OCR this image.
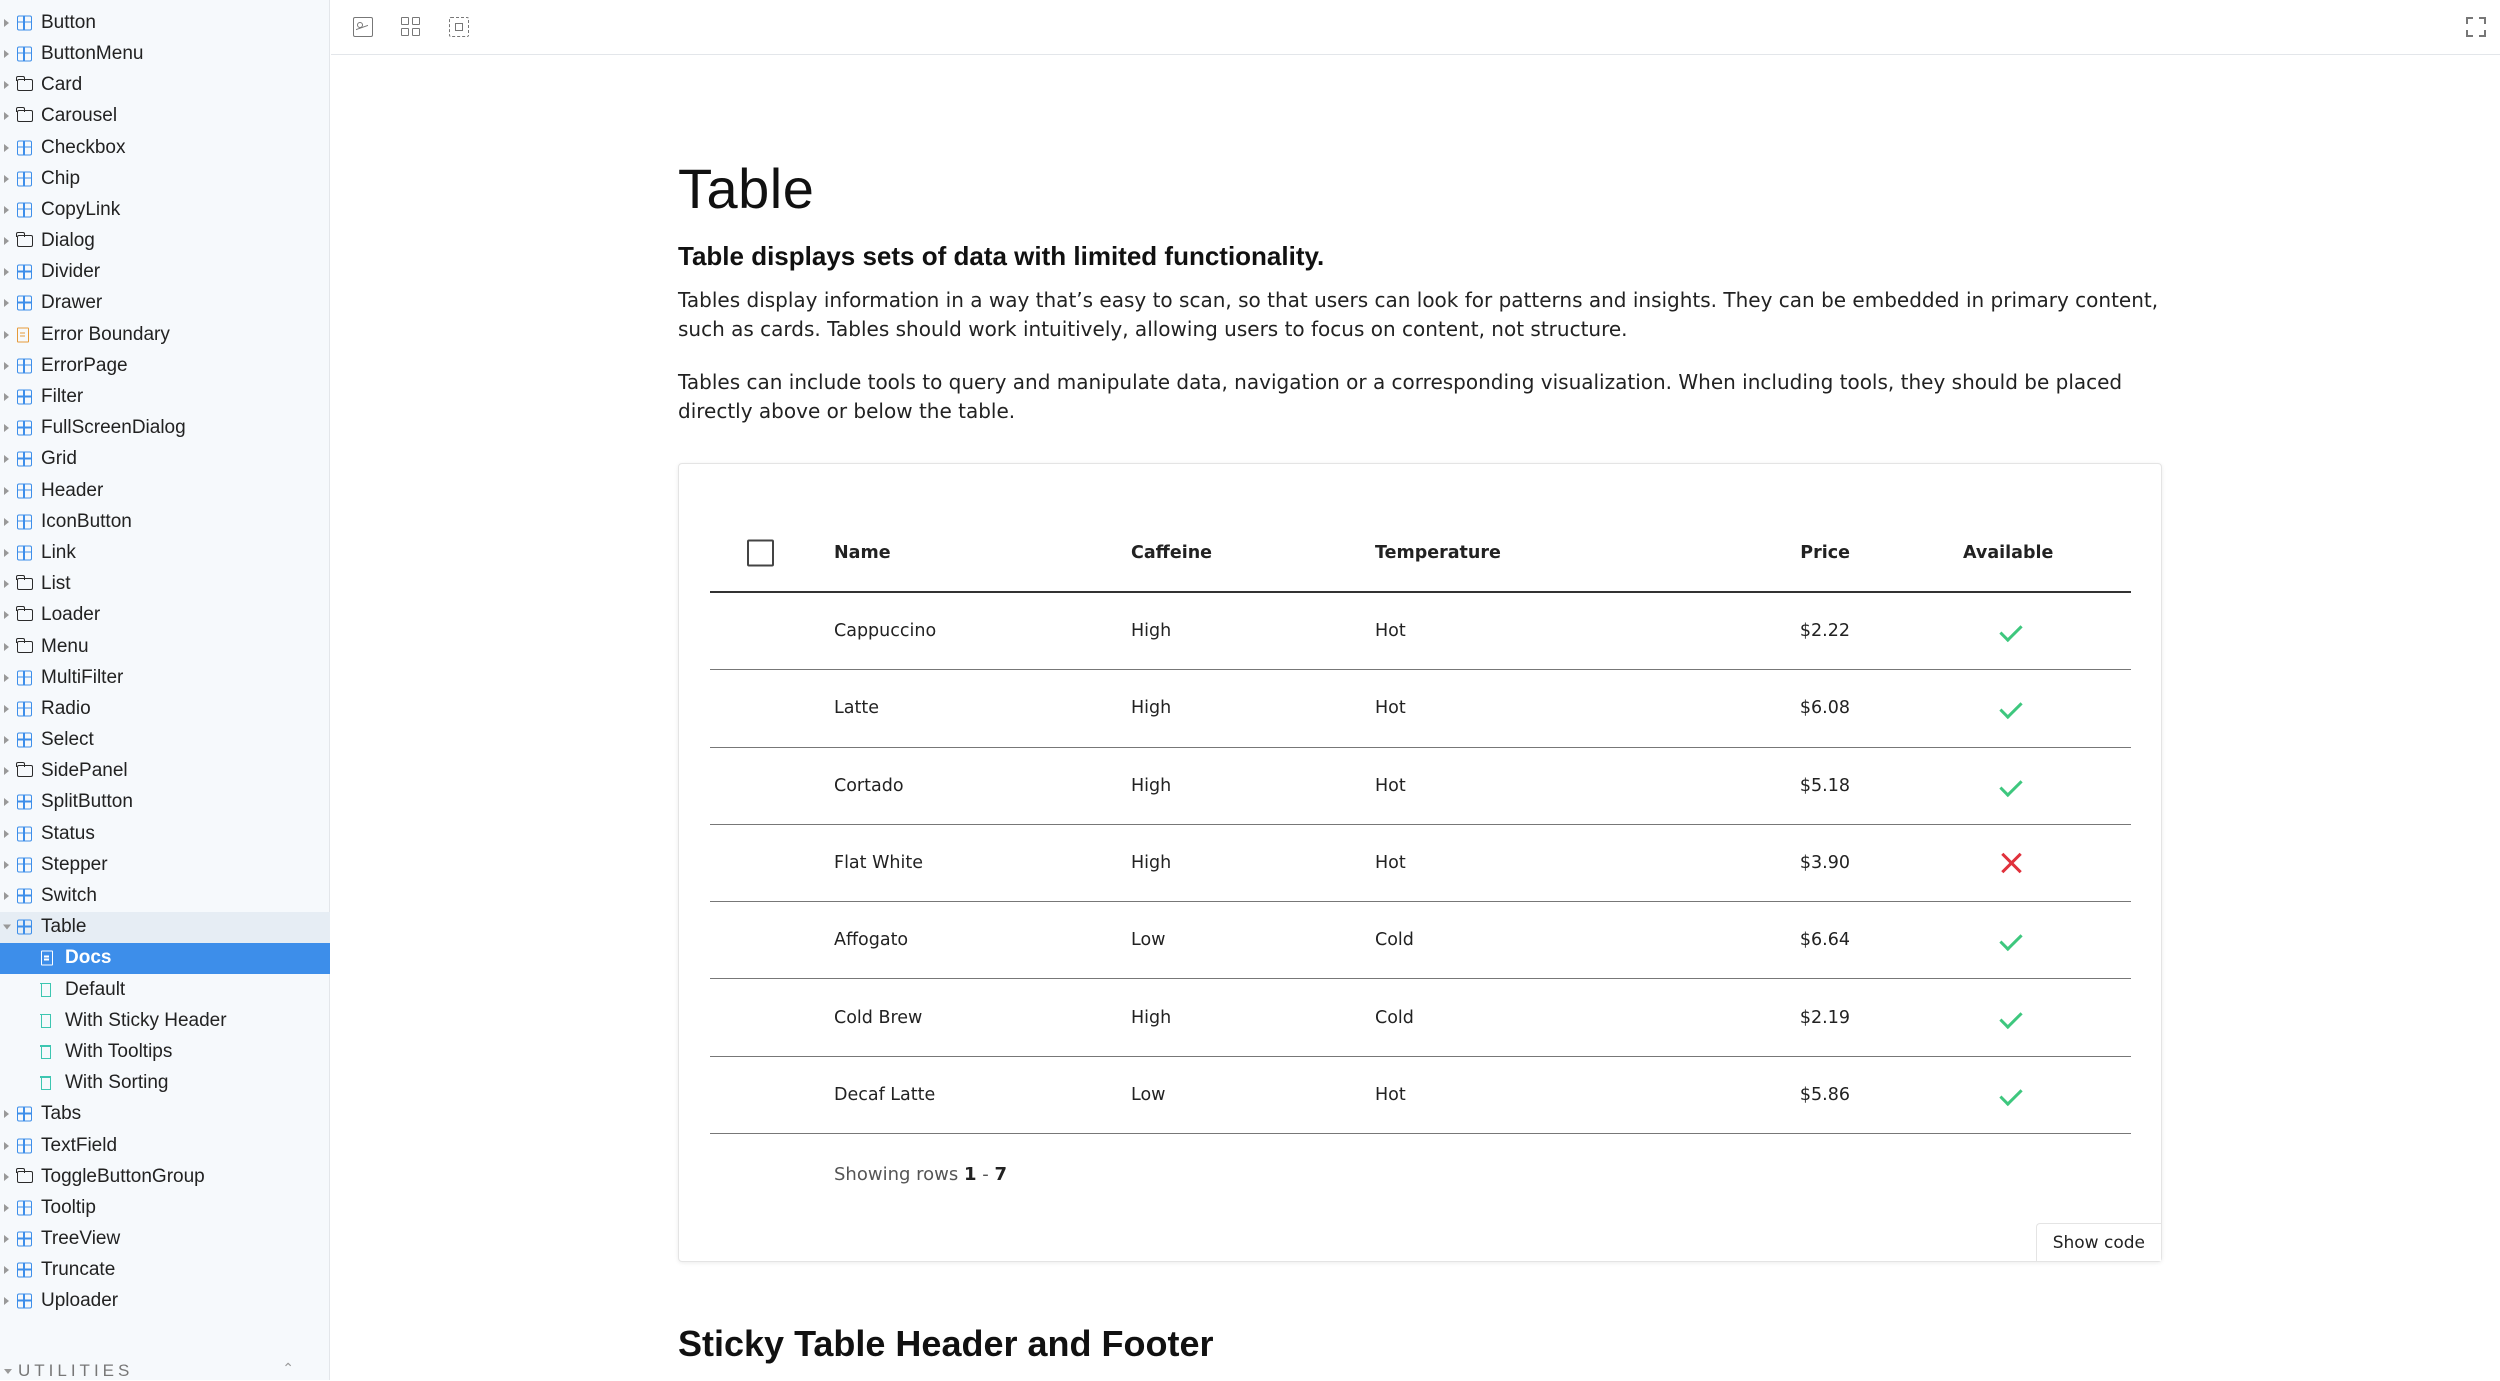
Button
ButtonMenu
Card
Carousel
Checkbox
Chip
CopyLink
Dialog
Divider
Drawer
Error Boundary
ErrorPage
Filter
FullScreenDialog
Grid
Header
IconButton
Link
List
Loader
Menu
MultiFilter
Radio
Select
SidePanel
SplitButton
Status
Stepper
Switch
Table
Docs
Default
With Sticky Header
With Tooltips
With Sorting
Tabs
TextField
ToggleButtonGroup
Tooltip
TreeView
Truncate
Uploader
UTILITIES	⌃
Table
Table displays sets of data with limited functionality.

Tables display information in a way that’s easy to scan, so that users can look for patterns and insights. They can be embedded in primary content, such as cards. Tables should work intuitively, allowing users to focus on content, not structure.

Tables can include tools to query and manipulate data, navigation or a corresponding visualization. When including tools, they should be placed directly above or below the table.

Name	Caffeine	Temperature	Price	Available
Cappuccino	High	Hot	$2.22
Latte	High	Hot	$6.08
Cortado	High	Hot	$5.18
Flat White	High	Hot	$3.90
Affogato	Low	Cold	$6.64
Cold Brew	High	Cold	$2.19
Decaf Latte	Low	Hot	$5.86
Showing rows 1 - 7
Show code
Sticky Table Header and Footer
